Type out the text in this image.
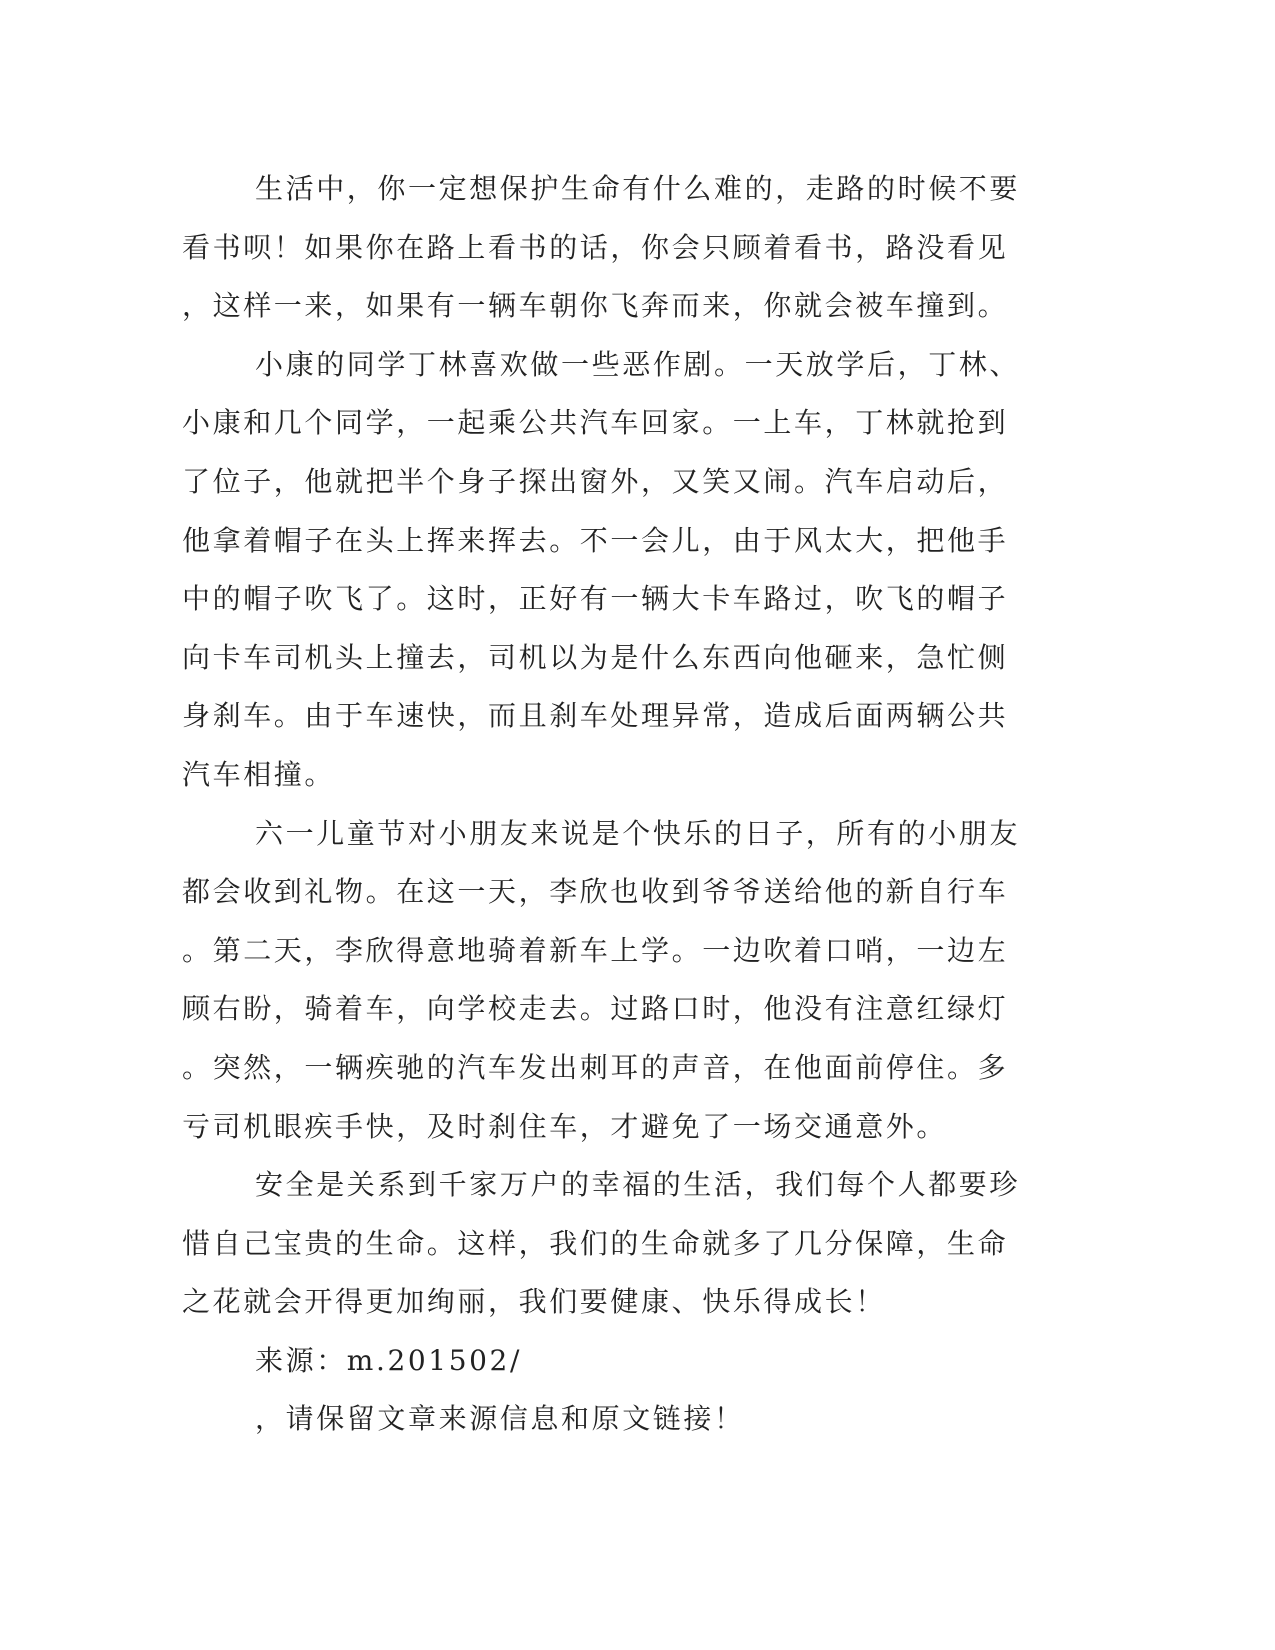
生活中，你一定想保护生命有什么难的，走路的时候不要看书呗！如果你在路上看书的话，你会只顾着看书，路没看见，这样一来，如果有一辆车朝你飞奔而来，你就会被车撞到。

小康的同学丁林喜欢做一些恶作剧。一天放学后，丁林、小康和几个同学，一起乘公共汽车回家。一上车，丁林就抢到了位子，他就把半个身子探出窗外，又笑又闹。汽车启动后，他拿着帽子在头上挥来挥去。不一会儿，由于风太大，把他手中的帽子吹飞了。这时，正好有一辆大卡车路过，吹飞的帽子向卡车司机头上撞去，司机以为是什么东西向他砸来，急忙侧身刹车。由于车速快，而且刹车处理异常，造成后面两辆公共汽车相撞。

六一儿童节对小朋友来说是个快乐的日子，所有的小朋友都会收到礼物。在这一天，李欣也收到爷爷送给他的新自行车。第二天，李欣得意地骑着新车上学。一边吹着口哨，一边左顾右盼，骑着车，向学校走去。过路口时，他没有注意红绿灯。突然，一辆疾驰的汽车发出刺耳的声音，在他面前停住。多亏司机眼疾手快，及时刹住车，才避免了一场交通意外。

安全是关系到千家万户的幸福的生活，我们每个人都要珍惜自己宝贵的生命。这样，我们的生命就多了几分保障，生命之花就会开得更加绚丽，我们要健康、快乐得成长！

来源：m.201502/

，请保留文章来源信息和原文链接！
